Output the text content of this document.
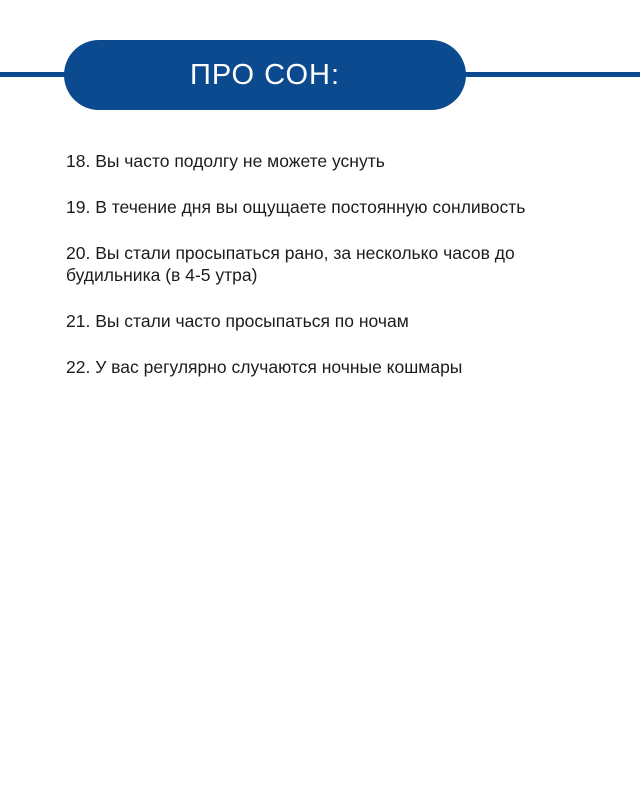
ПРО СОН:
18. Вы часто подолгу не можете уснуть
19. В течение дня вы ощущаете постоянную сонливость
20. Вы стали просыпаться рано, за несколько часов до будильника (в 4-5 утра)
21. Вы стали часто просыпаться по ночам
22. У вас регулярно случаются ночные кошмары
